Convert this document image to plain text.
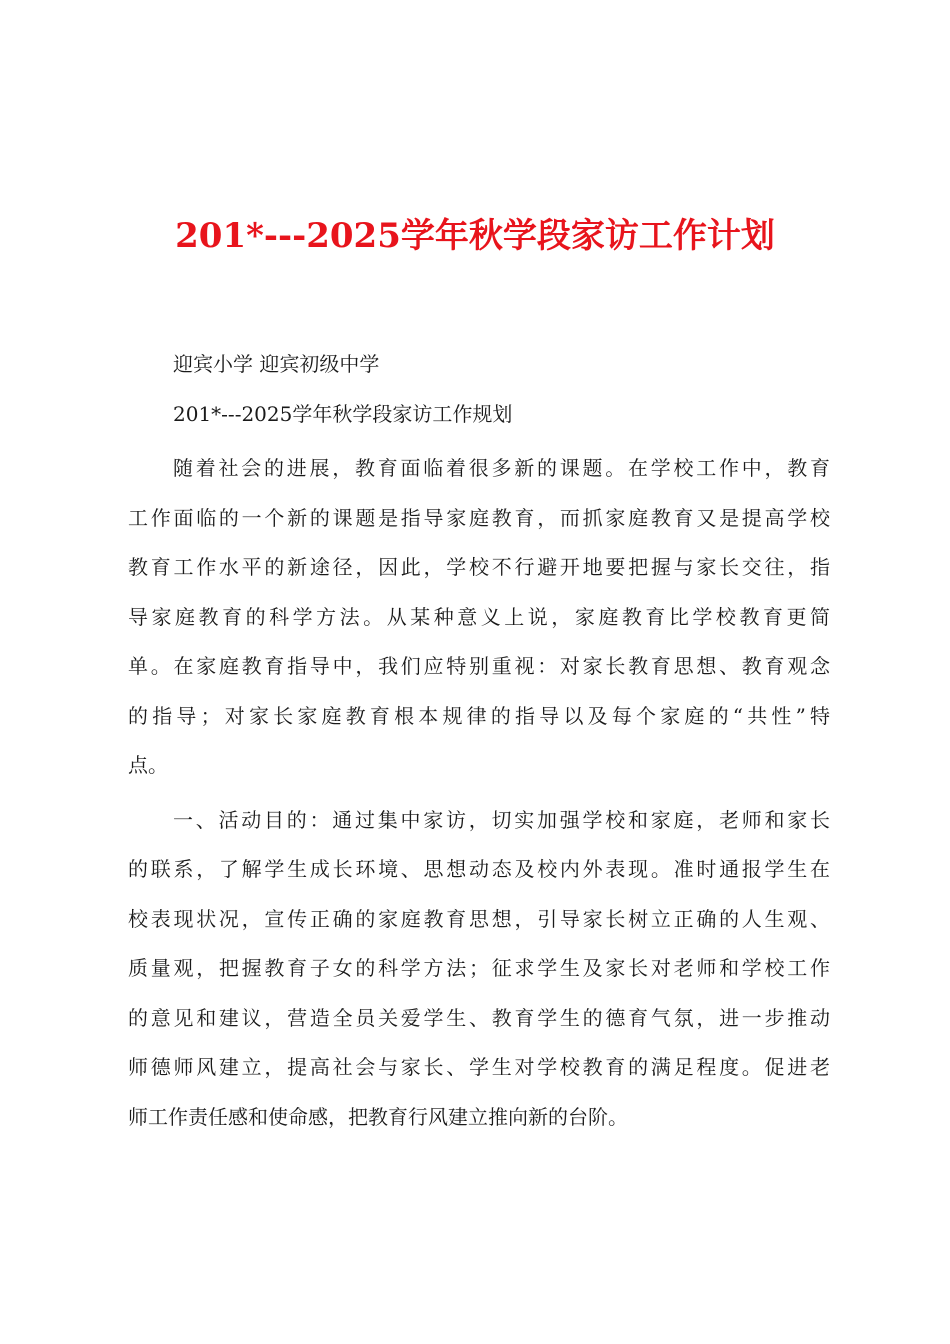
201*---2025学年秋学段家访工作计划
迎宾小学 迎宾初级中学
201*---2025学年秋学段家访工作规划
随着社会的进展，教育面临着很多新的课题。在学校工作中，教育
工作面临的一个新的课题是指导家庭教育，而抓家庭教育又是提高学校
教育工作水平的新途径，因此，学校不行避开地要把握与家长交往，指
导家庭教育的科学方法。从某种意义上说，家庭教育比学校教育更简
单。在家庭教育指导中，我们应特别重视：对家长教育思想、教育观念
的指导；对家长家庭教育根本规律的指导以及每个家庭的“共性”特
点。
一、活动目的：通过集中家访，切实加强学校和家庭，老师和家长
的联系，了解学生成长环境、思想动态及校内外表现。准时通报学生在
校表现状况，宣传正确的家庭教育思想，引导家长树立正确的人生观、
质量观，把握教育子女的科学方法；征求学生及家长对老师和学校工作
的意见和建议，营造全员关爱学生、教育学生的德育气氛，进一步推动
师德师风建立，提高社会与家长、学生对学校教育的满足程度。促进老
师工作责任感和使命感，把教育行风建立推向新的台阶。
